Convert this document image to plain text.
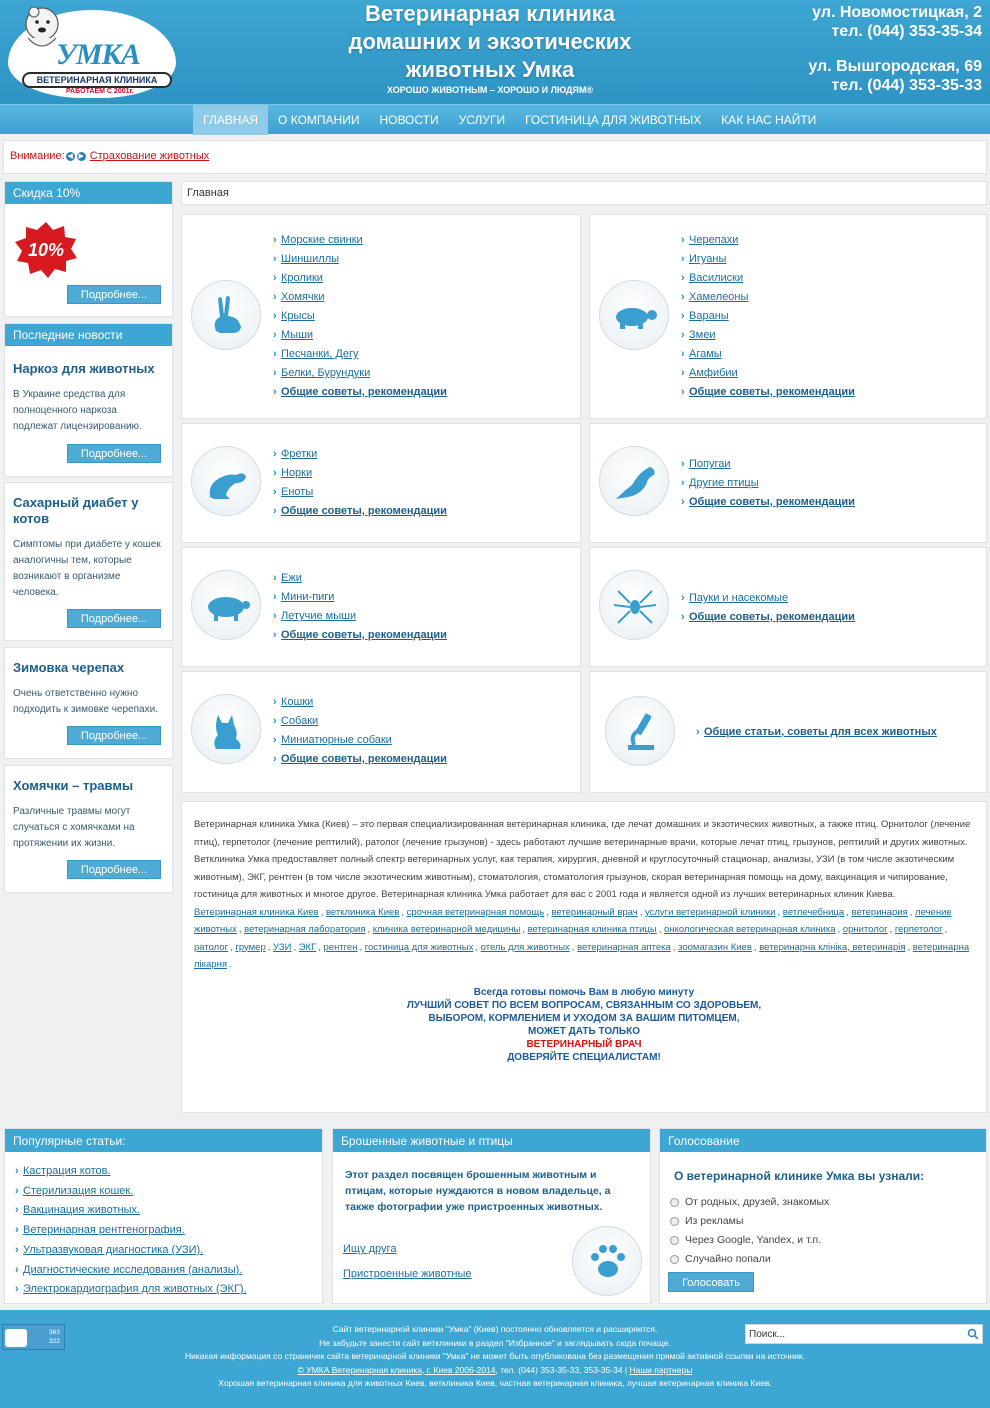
УМКА
ВЕТЕРИНАРНАЯ КЛИНИКА
РАБОТАЕМ С 2001г.
Ветеринарная клиника
домашних и экзотических
животных Умка
ХОРОШО ЖИВОТНЫМ – ХОРОШО И ЛЮДЯМ®
ул. Новомостицкая, 2
тел. (044) 353-35-34
ул. Вышгородская, 69
тел. (044) 353-35-33
ГЛАВНАЯ	О КОМПАНИИ	НОВОСТИ	УСЛУГИ	ГОСТИНИЦА ДЛЯ ЖИВОТНЫХ	КАК НАС НАЙТИ
Внимание: ◀ ▶ Страхование животных
Скидка 10%
10%
Подробнее...
Последние новости
Наркоз для животных
В Украине средства для полноценного наркоза подлежат лицензированию.
Подробнее...
Сахарный диабет у котов
Симптомы при диабете у кошек аналогичны тем, которые возникают в организме человека.
Подробнее...
Зимовка черепах
Очень ответственно нужно подходить к зимовке черепахи.
Подробнее...
Хомячки – травмы
Различные травмы могут случаться с хомячками на протяжении их жизни.
Подробнее...
Главная
› Морские свинки
› Шиншиллы
› Кролики
› Хомячки
› Крысы
› Мыши
› Песчанки, Дегу
› Белки, Бурундуки
› Общие советы, рекомендации
› Черепахи
› Игуаны
› Василиски
› Хамелеоны
› Вараны
› Змеи
› Агамы
› Амфибии
› Общие советы, рекомендации
› Фретки
› Норки
› Еноты
› Общие советы, рекомендации
› Попугаи
› Другие птицы
› Общие советы, рекомендации
› Ежи
› Мини-пиги
› Летучие мыши
› Общие советы, рекомендации
› Пауки и насекомые
› Общие советы, рекомендации
› Кошки
› Собаки
› Миниатюрные собаки
› Общие советы, рекомендации
› Общие статьи, советы для всех животных
Ветеринарная клиника Умка (Киев) – это первая специализированная ветеринарная клиника, где лечат домашних и экзотических животных, а также птиц. Орнитолог (лечение птиц), герпетолог (лечение рептилий), ратолог (лечение грызунов) - здесь работают лучшие ветеринарные врачи, которые лечат птиц, грызунов, рептилий и других животных. Ветклиника Умка предоставляет полный спектр ветеринарных услуг, как терапия, хирургия, дневной и круглосуточный стационар, анализы, УЗИ (в том числе экзотическим животным), ЭКГ, рентген (в том числе экзотическим животным), стоматология, стоматология грызунов, скорая ветеринарная помощь на дому, вакцинация и чипирование, гостиница для животных и многое другое. Ветеринарная клиника Умка работает для вас с 2001 года и является одной из лучших ветеринарных клиник Киева.
Ветеринарная клиника Киев , ветклиника Киев , срочная ветеринарная помощь , ветеринарный врач , услуги ветеринарной клиники , ветлечебница , ветеринария , лечение животных , ветеринарная лаборатория , клиника ветеринарной медицины , ветеринарная клиника птицы , онкологическая ветеринарная клиника , орнитолог , герпетолог , ратолог , грумер , УЗИ , ЭКГ , рентген , гостиница для животных , отель для животных , ветеринарная аптека , зоомагазин Киев , ветеринарна клініка, ветеринарія , ветеринарна лікарня .
Всегда готовы помочь Вам в любую минуту
ЛУЧШИЙ СОВЕТ ПО ВСЕМ ВОПРОСАМ, СВЯЗАННЫМ СО ЗДОРОВЬЕМ,
ВЫБОРОМ, КОРМЛЕНИЕМ И УХОДОМ ЗА ВАШИМ ПИТОМЦЕМ,
МОЖЕТ ДАТЬ ТОЛЬКО
ВЕТЕРИНАРНЫЙ ВРАЧ
ДОВЕРЯЙТЕ СПЕЦИАЛИСТАМ!
Популярные статьи:
› Кастрация котов.
› Стерилизация кошек.
› Вакцинация животных.
› Ветеринарная рентгенография.
› Ультразвуковая диагностика (УЗИ).
› Диагностические исследования (анализы).
› Электрокардиография для животных (ЭКГ).
Брошенные животные и птицы
Этот раздел посвящен брошенным животным и птицам, которые нуждаются в новом владельце, а также фотографии уже пристроенных животных.
Ищу друга
Пристроенные животные
Голосование
О ветеринарной клинике Умка вы узнали:
От родных, друзей, знакомых
Из рекламы
Через Google, Yandex, и т.п.
Случайно попали
Голосовать
363
322
Сайт ветеринарной клиники "Умка" (Киев) постоянно обновляется и расширяется.
Не забудьте занести сайт ветклиники в раздел "Избранное" и заглядывать сюда почаще.
Никакая информация со страничек сайта ветеринарной клиники "Умка" не может быть опубликована без размещения прямой активной ссылки на источник.
© УМКА Ветеринарная клиника, г. Киев 2006-2014, тел. (044) 353-35-33, 353-35-34 | Наши партнеры
Хорошая ветеринарная клиника для животных Киев, ветклиника Киев, частная ветеринарная клиника, лучшая ветеринарная клиника Киев.
Поиск...
